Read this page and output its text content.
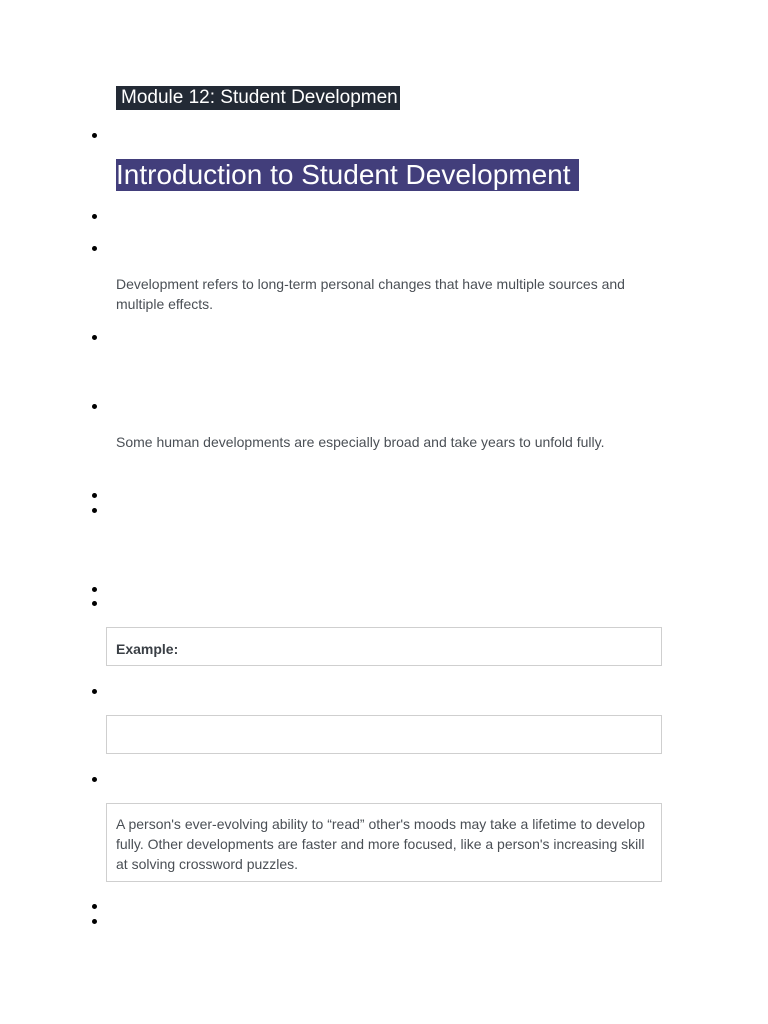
Module 12: Student Developmen
Introduction to Student Development
Development refers to long-term personal changes that have multiple sources and multiple effects.
Some human developments are especially broad and take years to unfold fully.
Example:
A person's ever-evolving ability to “read” other's moods may take a lifetime to develop fully. Other developments are faster and more focused, like a person's increasing skill at solving crossword puzzles.
